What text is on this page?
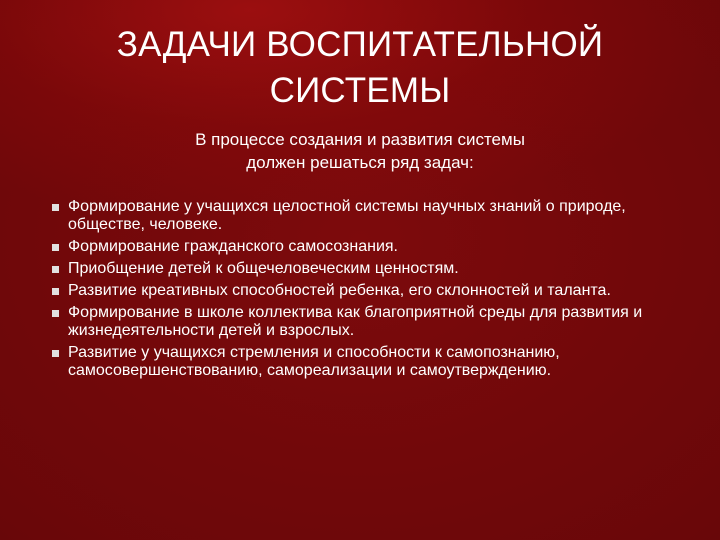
ЗАДАЧИ ВОСПИТАТЕЛЬНОЙ
СИСТЕМЫ
В процессе создания и развития системы
должен решаться ряд задач:
Формирование у учащихся целостной системы научных знаний о природе, обществе, человеке.
Формирование гражданского самосознания.
Приобщение детей к общечеловеческим ценностям.
Развитие креативных способностей ребенка, его склонностей и таланта.
Формирование в школе коллектива как благоприятной среды для развития и жизнедеятельности детей и взрослых.
Развитие у учащихся стремления и способности к самопознанию, самосовершенствованию, самореализации и самоутверждению.
